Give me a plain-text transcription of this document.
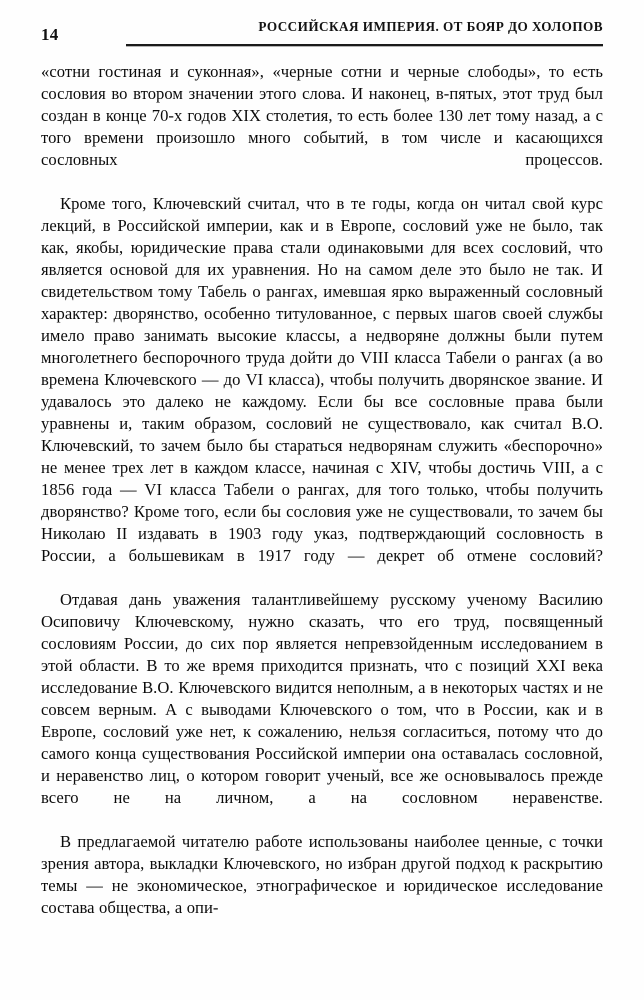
14	РОССИЙСКАЯ ИМПЕРИЯ. ОТ БОЯР ДО ХОЛОПОВ

«сотни гостиная и суконная», «черные сотни и черные слободы», то есть сословия во втором значении этого слова. И наконец, в-пятых, этот труд был создан в конце 70-х годов XIX столетия, то есть более 130 лет тому назад, а с того времени произошло много событий, в том числе и касающихся сословных процессов.

Кроме того, Ключевский считал, что в те годы, когда он читал свой курс лекций, в Российской империи, как и в Европе, сословий уже не было, так как, якобы, юридические права стали одинаковыми для всех сословий, что является основой для их уравнения. Но на самом деле это было не так. И свидетельством тому Табель о рангах, имевшая ярко выраженный сословный характер: дворянство, особенно титулованное, с первых шагов своей службы имело право занимать высокие классы, а недворяне должны были путем многолетнего беспорочного труда дойти до VIII класса Табели о рангах (а во времена Ключевского — до VI класса), чтобы получить дворянское звание. И удавалось это далеко не каждому. Если бы все сословные права были уравнены и, таким образом, сословий не существовало, как считал В.О. Ключевский, то зачем было бы стараться недворянам служить «беспорочно» не менее трех лет в каждом классе, начиная с XIV, чтобы достичь VIII, а с 1856 года — VI класса Табели о рангах, для того только, чтобы получить дворянство? Кроме того, если бы сословия уже не существовали, то зачем бы Николаю II издавать в 1903 году указ, подтверждающий сословность в России, а большевикам в 1917 году — декрет об отмене сословий?

Отдавая дань уважения талантливейшему русскому ученому Василию Осиповичу Ключевскому, нужно сказать, что его труд, посвященный сословиям России, до сих пор является непревзойденным исследованием в этой области. В то же время приходится признать, что с позиций XXI века исследование В.О. Ключевского видится неполным, а в некоторых частях и не совсем верным. А с выводами Ключевского о том, что в России, как и в Европе, сословий уже нет, к сожалению, нельзя согласиться, потому что до самого конца существования Российской империи она оставалась сословной, и неравенство лиц, о котором говорит ученый, все же основывалось прежде всего не на личном, а на сословном неравенстве.

В предлагаемой читателю работе использованы наиболее ценные, с точки зрения автора, выкладки Ключевского, но избран другой подход к раскрытию темы — не экономическое, этнографическое и юридическое исследование состава общества, а опи-
